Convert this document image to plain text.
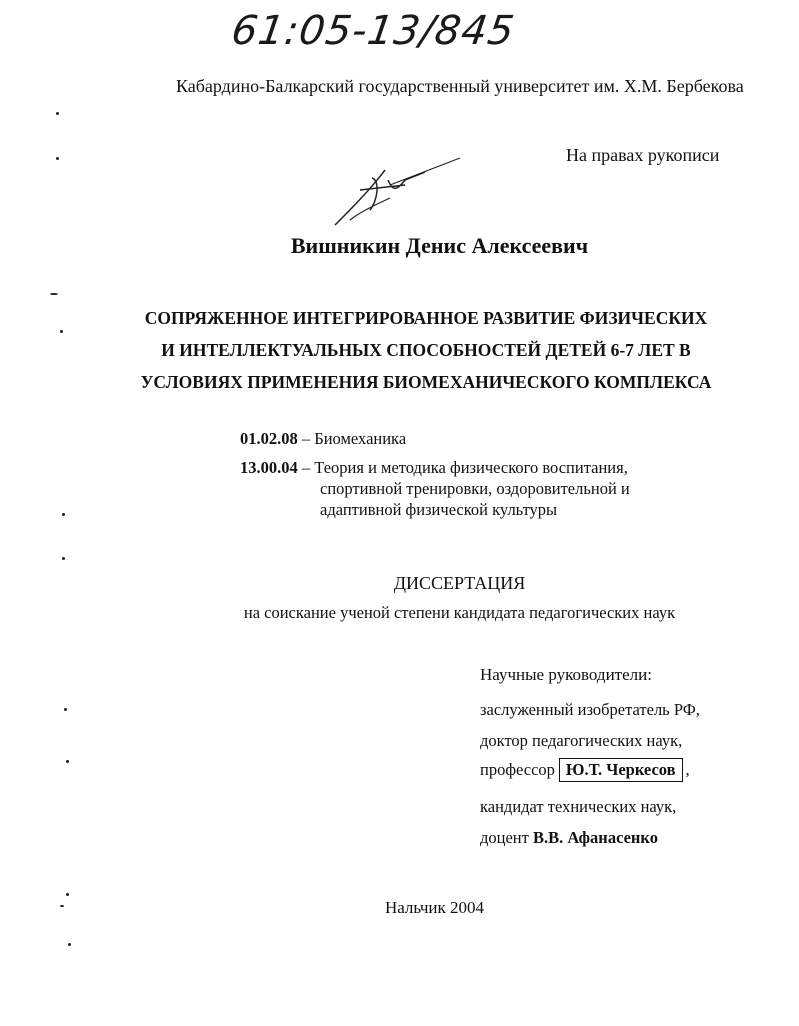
61:05-13/845
Кабардино-Балкарский государственный университет им. Х.М. Бербекова
На правах рукописи
Вишникин Денис Алексеевич
СОПРЯЖЕННОЕ ИНТЕГРИРОВАННОЕ РАЗВИТИЕ ФИЗИЧЕСКИХ
И ИНТЕЛЛЕКТУАЛЬНЫХ СПОСОБНОСТЕЙ ДЕТЕЙ 6-7 ЛЕТ В
УСЛОВИЯХ ПРИМЕНЕНИЯ БИОМЕХАНИЧЕСКОГО КОМПЛЕКСА
01.02.08 – Биомеханика
13.00.04 – Теория и методика физического воспитания,
спортивной тренировки, оздоровительной и
адаптивной физической культуры
ДИССЕРТАЦИЯ
на соискание ученой степени кандидата педагогических наук
Научные руководители:
заслуженный изобретатель РФ,
доктор педагогических наук,
профессор Ю.Т. Черкесов ,
кандидат технических наук,
доцент В.В. Афанасенко
Нальчик 2004
